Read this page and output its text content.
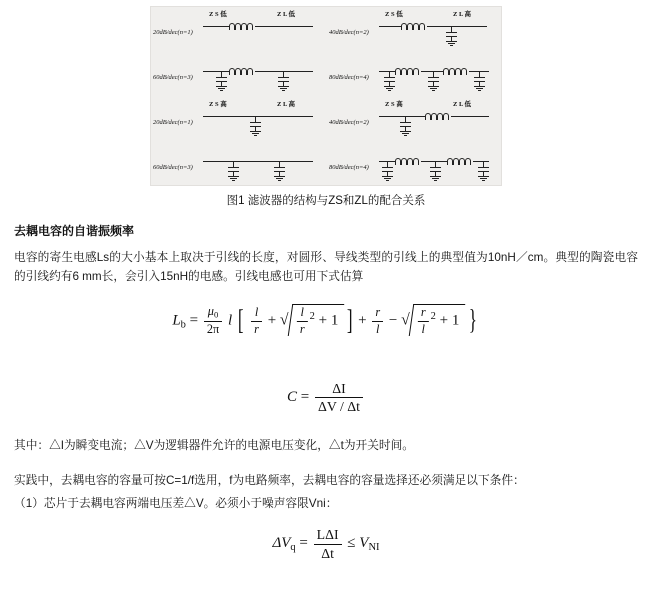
Z S 低	Z L 低
20dB/dec(n=1)
Z S 低	Z L 高
40dB/dec(n=2)
60dB/dec(n=3)	80dB/dec(n=4)
Z S 高	Z L 高
20dB/dec(n=1)
Z S 高	Z L 低
40dB/dec(n=2)
60dB/dec(n=3)	80dB/dec(n=4)
图1 滤波器的结构与ZS和ZL的配合关系
去耦电容的自谐振频率
电容的寄生电感Ls的大小基本上取决于引线的长度，对圆形、导线类型的引线上的典型值为10nH／cm。典型的陶瓷电容的引线约有6 mm长，会引入15nH的电感。引线电感也可用下式估算
$L_b = \frac{\mu_0}{2\pi}$ l [ $\frac{l}{r}$ + √ $\frac{l}{r} ^2 + 1$ ] + $\frac{r}{l}$ − √ $\frac{r}{l} ^2 + 1$ }
$C = \frac{\Delta I}{\Delta V / \Delta t}$
其中：△I为瞬变电流；△V为逻辑器件允许的电源电压变化，△t为开关时间。
实践中，去耦电容的容量可按C=1/f选用，f为电路频率，去耦电容的容量选择还必须满足以下条件：
（1）芯片于去耦电容两端电压差△V。必须小于噪声容限Vni：
$\Delta V_q = \frac{\text{LΔI}}{\Delta t} \le V_{NI}$
